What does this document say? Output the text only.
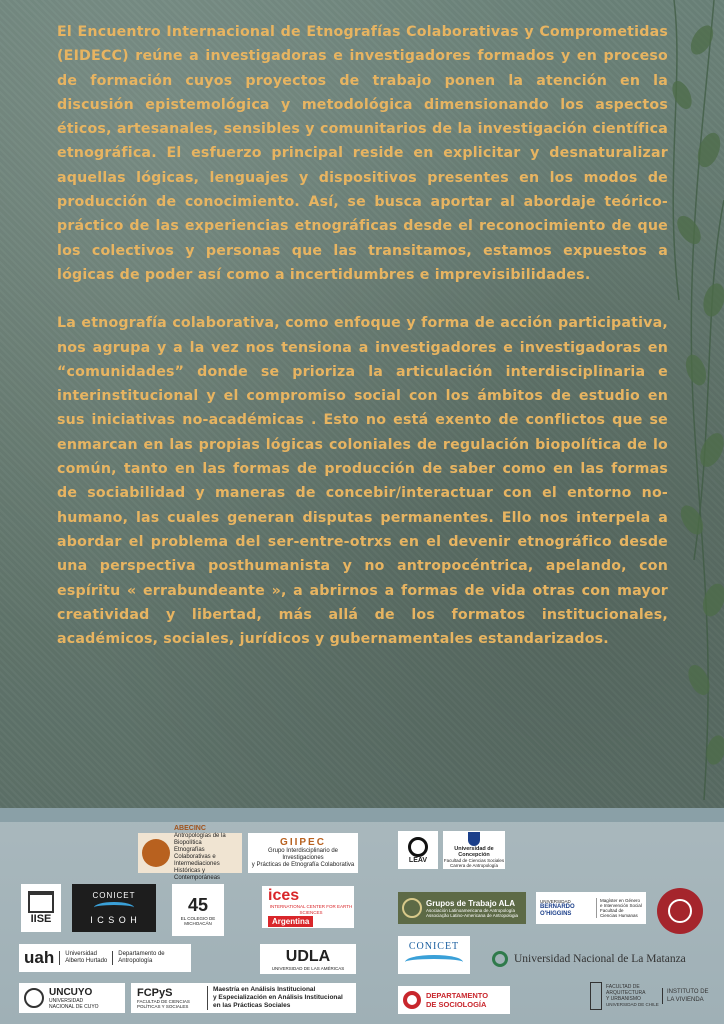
El Encuentro Internacional de Etnografías Colaborativas y Comprometidas (EIDECC) reúne a investigadoras e investigadores formados y en proceso de formación cuyos proyectos de trabajo ponen la atención en la discusión epistemológica y metodológica dimensionando los aspectos éticos, artesanales, sensibles y comunitarios de la investigación científica etnográfica. El esfuerzo principal reside en explicitar y desnaturalizar aquellas lógicas, lenguajes y dispositivos presentes en los modos de producción de conocimiento. Así, se busca aportar al abordaje teórico-práctico de las experiencias etnográficas desde el reconocimiento de que los colectivos y personas que las transitamos, estamos expuestos a lógicas de poder así como a incertidumbres e imprevisibilidades.

La etnografía colaborativa, como enfoque y forma de acción participativa, nos agrupa y a la vez nos tensiona a investigadores e investigadoras en “comunidades” donde se prioriza la articulación interdisciplinaria e interinstitucional y el compromiso social con los ámbitos de estudio en sus iniciativas no-académicas . Esto no está exento de conflictos que se enmarcan en las propias lógicas coloniales de regulación biopolítica de lo común, tanto en las formas de producción de saber como en las formas de sociabilidad y maneras de concebir/interactuar con el entorno no-humano, las cuales generan disputas permanentes. Ello nos interpela a abordar el problema del ser-entre-otrxs en el devenir etnográfico desde una perspectiva posthumanista y no antropocéntrica, apelando, con espíritu « errabundeante », a abrirnos a formas de vida otras con mayor creatividad y libertad, más allá de los formatos institucionales, académicos, sociales, jurídicos y gubernamentales estandarizados.

ABECINC
Antropologías de la Biopolítica
Etnografías Colaborativas e
Intermediaciones Históricas y
Contemporáneas
GIIPEC
Grupo Interdisciplinario de Investigaciones
y Prácticas de Etnografía Colaborativa
LEAV
Universidad de Concepción
Facultad de Ciencias Sociales
Carrera de Antropología
IISE
CONICET
I C S O H
45
EL COLEGIO DE MICHOACÁN
ices
INTERNATIONAL CENTER FOR EARTH SCIENCES
Argentina
Grupos de Trabajo ALA
Asociación Latinoamericana de Antropología
Associação Latino-Americana de Antropologia
UNIVERSIDAD
BERNARDO O'HIGGINS
Magíster en Género
e Intervención Social
Facultad de
Ciencias Humanas
uah	Universidad
Alberto Hurtado
Departamento de
Antropología	UDLA
UNIVERSIDAD DE LAS AMÉRICAS
CONICET
Universidad Nacional de La Matanza
UNCUYO
UNIVERSIDAD
NACIONAL DE CUYO
FCPyS
FACULTAD DE CIENCIAS
POLÍTICAS Y SOCIALES
Maestría en Análisis Institucional
y Especialización en Análisis Institucional
en las Prácticas Sociales
DEPARTAMENTO
DE SOCIOLOGÍA
FACULTAD DE
ARQUITECTURA
Y URBANISMO
UNIVERSIDAD DE CHILE
INSTITUTO DE
LA VIVIENDA
